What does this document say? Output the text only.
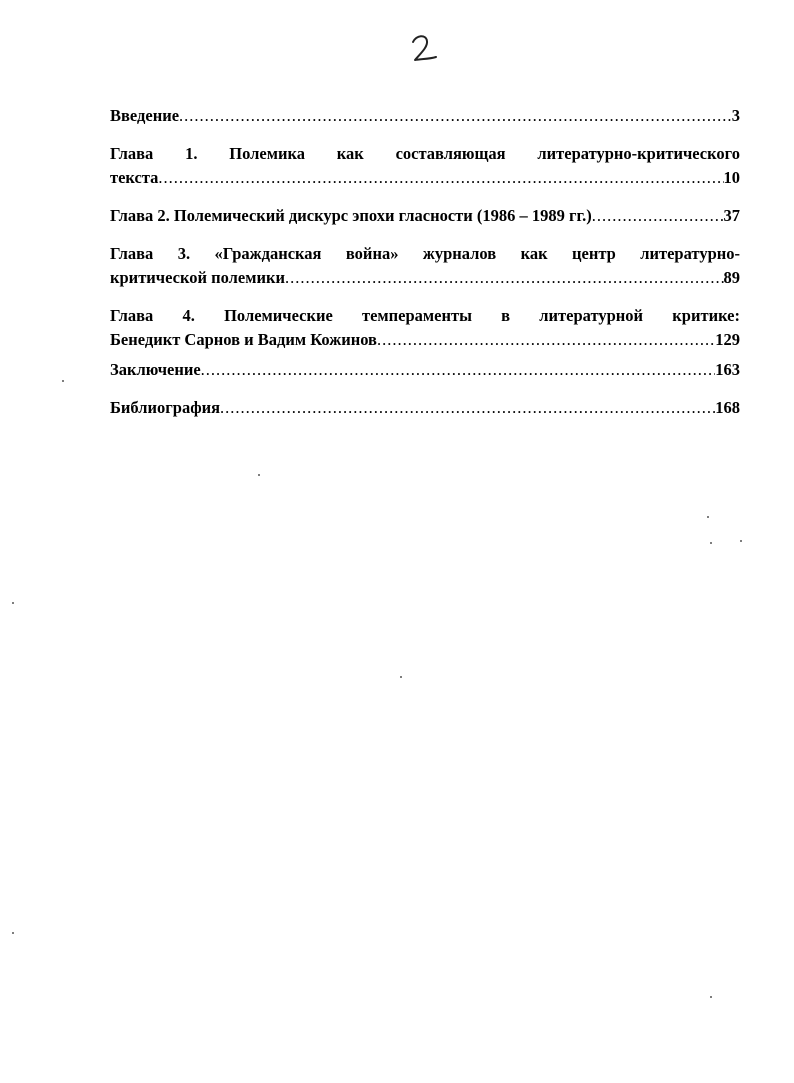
Введение .....	3
Глава 1. Полемика как составляющая литературно-критического
текста .....	10
Глава 2. Полемический дискурс эпохи гласности (1986 – 1989 гг.) .....	37
Глава 3. «Гражданская война» журналов как центр литературно-
критической полемики .....	89
Глава 4. Полемические темпераменты в литературной критике:
Бенедикт Сарнов и Вадим Кожинов .....	129
Заключение .....	163
Библиография .....	168
